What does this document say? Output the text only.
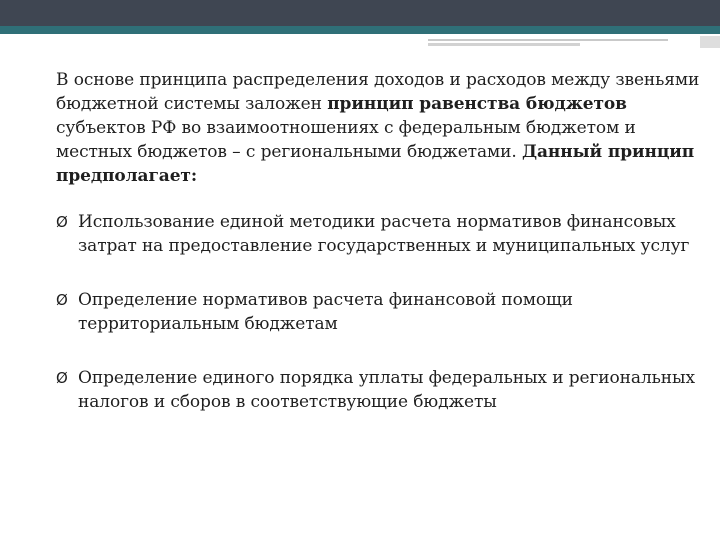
В основе принципа распределения доходов и расходов между звеньями бюджетной системы заложен принцип равенства бюджетов субъектов РФ во взаимоотношениях с федеральным бюджетом и местных бюджетов – с региональными бюджетами. Данный принцип предполагает:

Ø Использование единой методики расчета нормативов финансовых затрат на предоставление государственных и муниципальных услуг
Ø Определение нормативов расчета финансовой помощи территориальным бюджетам
Ø Определение единого порядка уплаты федеральных и региональных налогов и сборов в соответствующие бюджеты
